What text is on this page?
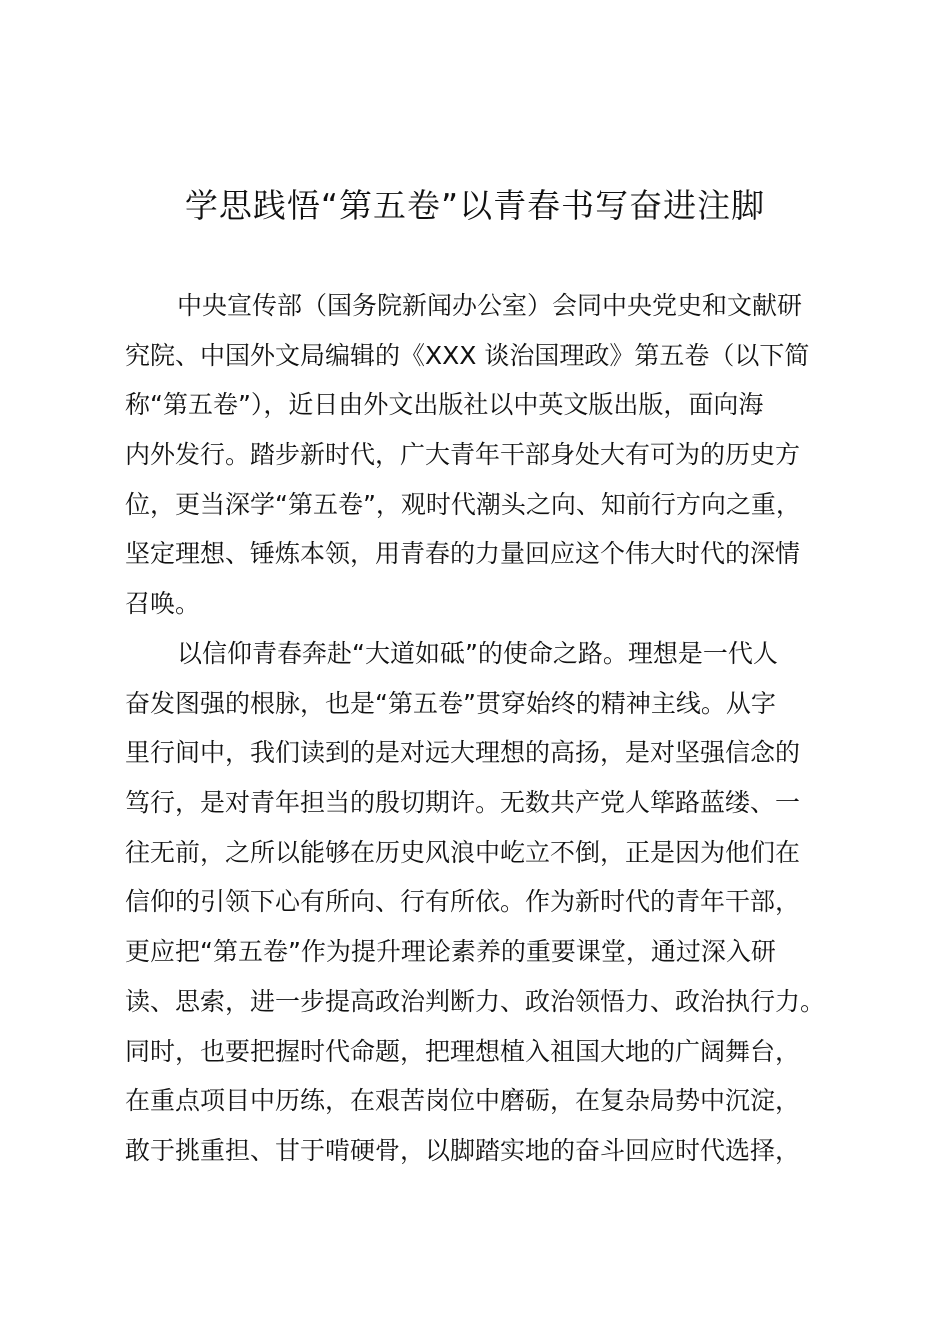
学思践悟“第五卷”以青春书写奋进注脚
中央宣传部（国务院新闻办公室）会同中央党史和文献研
究院、中国外文局编辑的《XXX 谈治国理政》第五卷（以下简
称“第五卷”），近日由外文出版社以中英文版出版，面向海
内外发行。踏步新时代，广大青年干部身处大有可为的历史方
位，更当深学“第五卷”，观时代潮头之向、知前行方向之重，
坚定理想、锤炼本领，用青春的力量回应这个伟大时代的深情
召唤。
以信仰青春奔赴“大道如砥”的使命之路。理想是一代人
奋发图强的根脉，也是“第五卷”贯穿始终的精神主线。从字
里行间中，我们读到的是对远大理想的高扬，是对坚强信念的
笃行，是对青年担当的殷切期许。无数共产党人筚路蓝缕、一
往无前，之所以能够在历史风浪中屹立不倒，正是因为他们在
信仰的引领下心有所向、行有所依。作为新时代的青年干部，
更应把“第五卷”作为提升理论素养的重要课堂，通过深入研
读、思索，进一步提高政治判断力、政治领悟力、政治执行力。
同时，也要把握时代命题，把理想植入祖国大地的广阔舞台，
在重点项目中历练，在艰苦岗位中磨砺，在复杂局势中沉淀，
敢于挑重担、甘于啃硬骨，以脚踏实地的奋斗回应时代选择，
